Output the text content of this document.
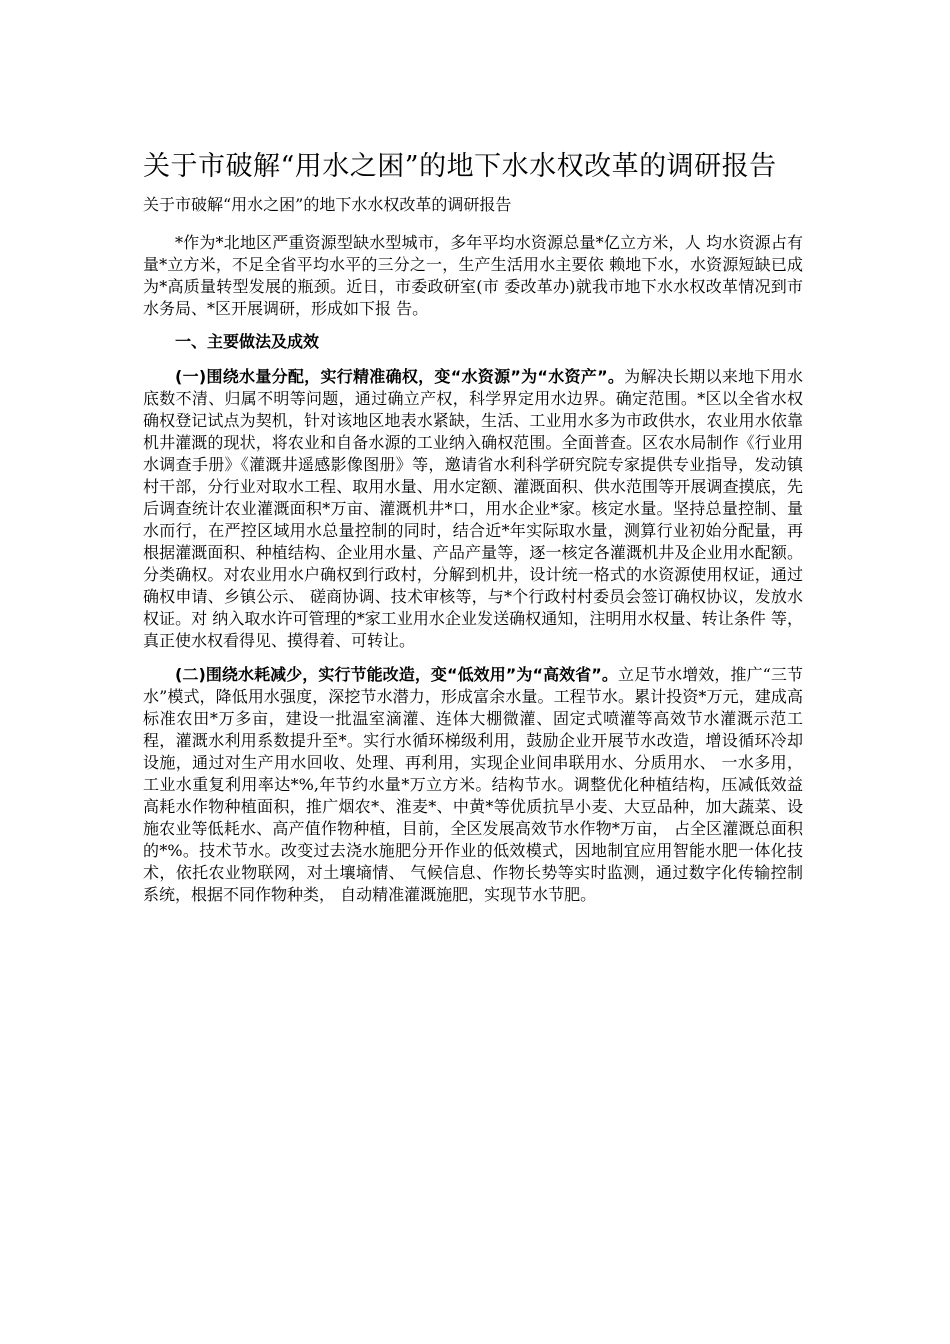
关于市破解“用水之困”的地下水水权改革的调研报告

关于市破解“用水之困”的地下水水权改革的调研报告

*作为*北地区严重资源型缺水型城市，多年平均水资源总量*亿立方米，人 均水资源占有量*立方米，不足全省平均水平的三分之一，生产生活用水主要依 赖地下水，水资源短缺已成为*高质量转型发展的瓶颈。近日，市委政研室(市 委改革办)就我市地下水水权改革情况到市水务局、*区开展调研，形成如下报 告。

一、主要做法及成效

(一)围绕水量分配，实行精准确权，变“水资源”为“水资产”。为解决长期以来地下用水底数不清、归属不明等问题，通过确立产权，科学界定用水边界。确定范围。*区以全省水权确权登记试点为契机，针对该地区地表水紧缺，生活、工业用水多为市政供水，农业用水依靠机井灌溉的现状，将农业和自备水源的工业纳入确权范围。全面普查。区农水局制作《行业用水调查手册》《灌溉井遥感影像图册》等，邀请省水利科学研究院专家提供专业指导，发动镇村干部，分行业对取水工程、取用水量、用水定额、灌溉面积、供水范围等开展调查摸底，先后调查统计农业灌溉面积*万亩、灌溉机井*口，用水企业*家。核定水量。坚持总量控制、量水而行，在严控区域用水总量控制的同时，结合近*年实际取水量，测算行业初始分配量，再根据灌溉面积、种植结构、企业用水量、产品产量等，逐一核定各灌溉机井及企业用水配额。分类确权。对农业用水户确权到行政村，分解到机井，设计统一格式的水资源使用权证，通过确权申请、乡镇公示、 磋商协调、技术审核等，与*个行政村村委员会签订确权协议，发放水权证。对 纳入取水许可管理的*家工业用水企业发送确权通知，注明用水权量、转让条件 等，真正使水权看得见、摸得着、可转让。

(二)围绕水耗减少，实行节能改造，变“低效用”为“高效省”。立足节水增效，推广“三节水”模式，降低用水强度，深挖节水潜力，形成富余水量。工程节水。累计投资*万元，建成高标准农田*万多亩，建设一批温室滴灌、连体大棚微灌、固定式喷灌等高效节水灌溉示范工程，灌溉水利用系数提升至*。实行水循环梯级利用，鼓励企业开展节水改造，增设循环冷却设施，通过对生产用水回收、处理、再利用，实现企业间串联用水、分质用水、 一水多用，工业水重复利用率达*%,年节约水量*万立方米。结构节水。调整优化种植结构，压减低效益高耗水作物种植面积，推广烟农*、淮麦*、中黄*等优质抗旱小麦、大豆品种，加大蔬菜、设施农业等低耗水、高产值作物种植，目前，全区发展高效节水作物*万亩， 占全区灌溉总面积的*%。技术节水。改变过去浇水施肥分开作业的低效模式，因地制宜应用智能水肥一体化技术，依托农业物联网，对土壤墒情、 气候信息、作物长势等实时监测，通过数字化传输控制系统，根据不同作物种类， 自动精准灌溉施肥，实现节水节肥。
